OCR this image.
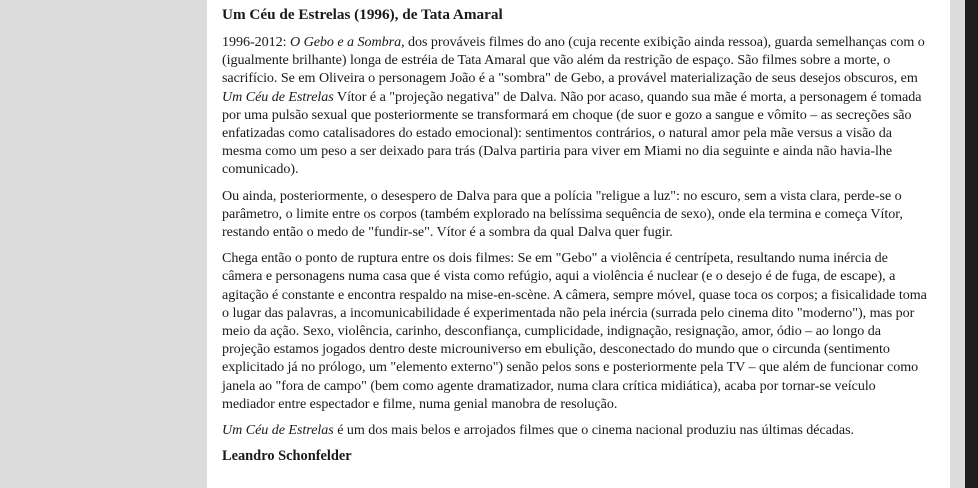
Um Céu de Estrelas (1996), de Tata Amaral

1996-2012: O Gebo e a Sombra, dos prováveis filmes do ano (cuja recente exibição ainda ressoa), guarda semelhanças com o (igualmente brilhante) longa de estréia de Tata Amaral que vão além da restrição de espaço. São filmes sobre a morte, o sacrifício. Se em Oliveira o personagem João é a "sombra" de Gebo, a provável materialização de seus desejos obscuros, em Um Céu de Estrelas Vítor é a "projeção negativa" de Dalva. Não por acaso, quando sua mãe é morta, a personagem é tomada por uma pulsão sexual que posteriormente se transformará em choque (de suor e gozo a sangue e vômito – as secreções são enfatizadas como catalisadores do estado emocional): sentimentos contrários, o natural amor pela mãe versus a visão da mesma como um peso a ser deixado para trás (Dalva partiria para viver em Miami no dia seguinte e ainda não havia-lhe comunicado).

Ou ainda, posteriormente, o desespero de Dalva para que a polícia "religue a luz": no escuro, sem a vista clara, perde-se o parâmetro, o limite entre os corpos (também explorado na belíssima sequência de sexo), onde ela termina e começa Vítor, restando então o medo de "fundir-se". Vítor é a sombra da qual Dalva quer fugir.

Chega então o ponto de ruptura entre os dois filmes: Se em "Gebo" a violência é centrípeta, resultando numa inércia de câmera e personagens numa casa que é vista como refúgio, aqui a violência é nuclear (e o desejo é de fuga, de escape), a agitação é constante e encontra respaldo na mise-en-scène. A câmera, sempre móvel, quase toca os corpos; a fisicalidade toma o lugar das palavras, a incomunicabilidade é experimentada não pela inércia (surrada pelo cinema dito "moderno"), mas por meio da ação. Sexo, violência, carinho, desconfiança, cumplicidade, indignação, resignação, amor, ódio – ao longo da projeção estamos jogados dentro deste microuniverso em ebulição, desconectado do mundo que o circunda (sentimento explicitado já no prólogo, um "elemento externo") senão pelos sons e posteriormente pela TV – que além de funcionar como janela ao "fora de campo" (bem como agente dramatizador, numa clara crítica midiática), acaba por tornar-se veículo mediador entre espectador e filme, numa genial manobra de resolução.

Um Céu de Estrelas é um dos mais belos e arrojados filmes que o cinema nacional produziu nas últimas décadas.

Leandro Schonfelder
